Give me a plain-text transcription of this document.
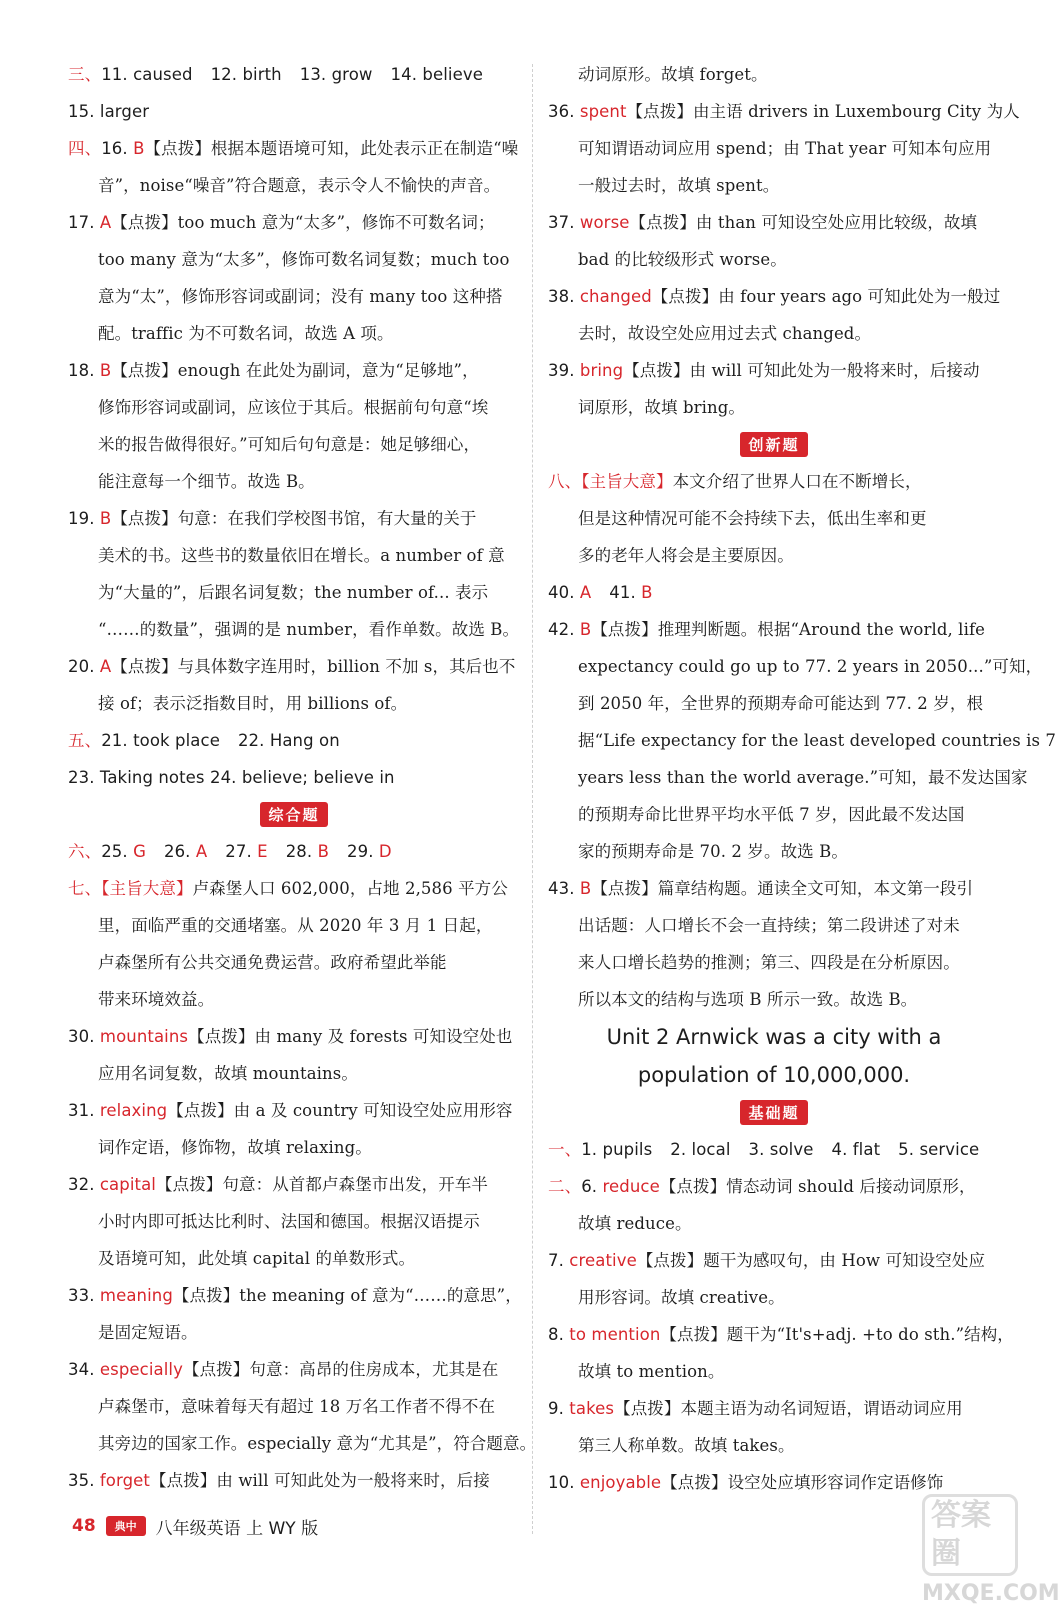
三、11. caused 12. birth 13. grow 14. believe
15. larger
四、16. B【点拨】根据本题语境可知，此处表示正在制造“噪
音”，noise“噪音”符合题意，表示令人不愉快的声音。
17. A【点拨】too much 意为“太多”，修饰不可数名词；
too many 意为“太多”，修饰可数名词复数；much too
意为“太”，修饰形容词或副词；没有 many too 这种搭
配。traffic 为不可数名词，故选 A 项。
18. B【点拨】enough 在此处为副词，意为“足够地”，
修饰形容词或副词，应该位于其后。根据前句句意“埃
米的报告做得很好。”可知后句句意是：她足够细心，
能注意每一个细节。故选 B。
19. B【点拨】句意：在我们学校图书馆，有大量的关于
美术的书。这些书的数量依旧在增长。a number of 意
为“大量的”，后跟名词复数；the number of... 表示
“……的数量”，强调的是 number，看作单数。故选 B。
20. A【点拨】与具体数字连用时，billion 不加 s，其后也不
接 of；表示泛指数目时，用 billions of。
五、21. took place 22. Hang on
23. Taking notes 24. believe; believe in
综合题
六、25. G 26. A 27. E 28. B 29. D
七、【主旨大意】卢森堡人口 602,000，占地 2,586 平方公
里，面临严重的交通堵塞。从 2020 年 3 月 1 日起，
卢森堡所有公共交通免费运营。政府希望此举能
带来环境效益。
30. mountains【点拨】由 many 及 forests 可知设空处也
应用名词复数，故填 mountains。
31. relaxing【点拨】由 a 及 country 可知设空处应用形容
词作定语，修饰物，故填 relaxing。
32. capital【点拨】句意：从首都卢森堡市出发，开车半
小时内即可抵达比利时、法国和德国。根据汉语提示
及语境可知，此处填 capital 的单数形式。
33. meaning【点拨】the meaning of 意为“……的意思”，
是固定短语。
34. especially【点拨】句意：高昂的住房成本，尤其是在
卢森堡市，意味着每天有超过 18 万名工作者不得不在
其旁边的国家工作。especially 意为“尤其是”，符合题意。
35. forget【点拨】由 will 可知此处为一般将来时，后接
动词原形。故填 forget。
36. spent【点拨】由主语 drivers in Luxembourg City 为人
可知谓语动词应用 spend；由 That year 可知本句应用
一般过去时，故填 spent。
37. worse【点拨】由 than 可知设空处应用比较级，故填
bad 的比较级形式 worse。
38. changed【点拨】由 four years ago 可知此处为一般过
去时，故设空处应用过去式 changed。
39. bring【点拨】由 will 可知此处为一般将来时，后接动
词原形，故填 bring。
创新题
八、【主旨大意】本文介绍了世界人口在不断增长，
但是这种情况可能不会持续下去，低出生率和更
多的老年人将会是主要原因。
40. A 41. B
42. B【点拨】推理判断题。根据“Around the world, life
expectancy could go up to 77. 2 years in 2050...”可知，
到 2050 年，全世界的预期寿命可能达到 77. 2 岁，根
据“Life expectancy for the least developed countries is 7
years less than the world average.”可知，最不发达国家
的预期寿命比世界平均水平低 7 岁，因此最不发达国
家的预期寿命是 70. 2 岁。故选 B。
43. B【点拨】篇章结构题。通读全文可知，本文第一段引
出话题：人口增长不会一直持续；第二段讲述了对未
来人口增长趋势的推测；第三、四段是在分析原因。
所以本文的结构与选项 B 所示一致。故选 B。
Unit 2 Arnwick was a city with a
population of 10,000,000.
基础题
一、1. pupils 2. local 3. solve 4. flat 5. service
二、6. reduce【点拨】情态动词 should 后接动词原形，
故填 reduce。
7. creative【点拨】题干为感叹句，由 How 可知设空处应
用形容词。故填 creative。
8. to mention【点拨】题干为“It's+adj. +to do sth.”结构，
故填 to mention。
9. takes【点拨】本题主语为动名词短语，谓语动词应用
第三人称单数。故填 takes。
10. enjoyable【点拨】设空处应填形容词作定语修饰
48	典中	八年级英语 上 WY 版	答案圈
MXQE.COM
